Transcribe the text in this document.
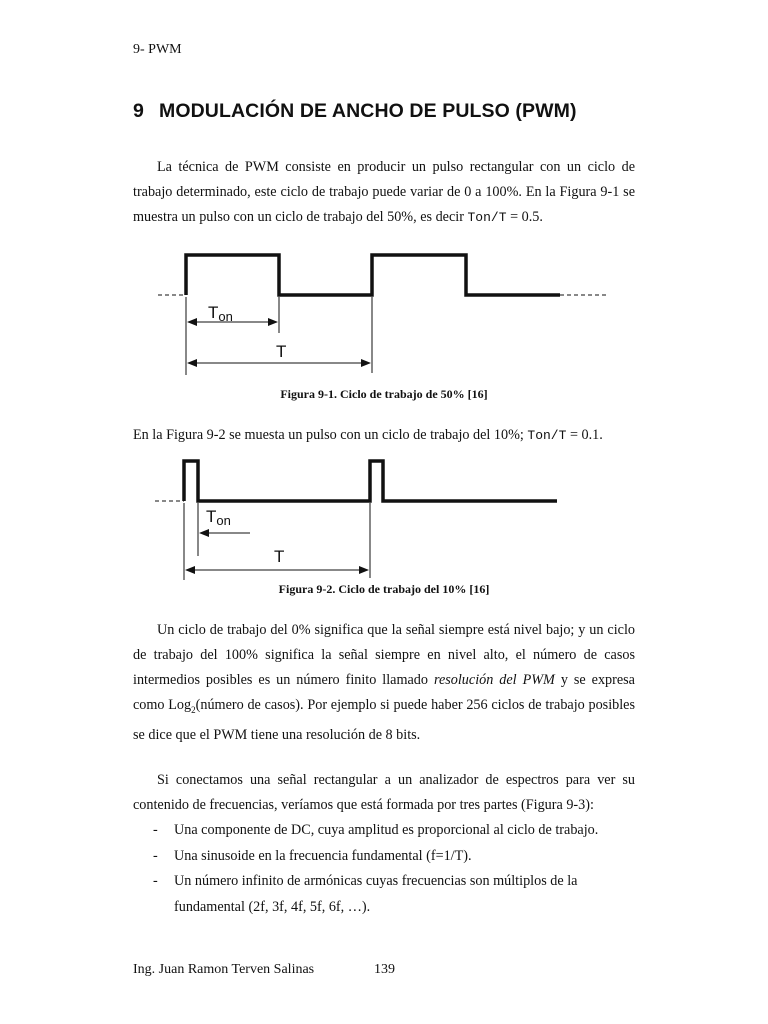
9- PWM
9 MODULACIÓN DE ANCHO DE PULSO (PWM)
La técnica de PWM consiste en producir un pulso rectangular con un ciclo de trabajo determinado, este ciclo de trabajo puede variar de 0 a 100%. En la Figura 9-1 se muestra un pulso con un ciclo de trabajo del 50%, es decir Ton/T = 0.5.
Ton
T
Figura 9-1. Ciclo de trabajo de 50% [16]
En la Figura 9-2 se muesta un pulso con un ciclo de trabajo del 10%; Ton/T = 0.1.
Ton
T
Figura 9-2. Ciclo de trabajo del 10% [16]
Un ciclo de trabajo del 0% significa que la señal siempre está nivel bajo; y un ciclo de trabajo del 100% significa la señal siempre en nivel alto, el número de casos intermedios posibles es un número finito llamado resolución del PWM y se expresa como Log$_2$(número de casos). Por ejemplo si puede haber 256 ciclos de trabajo posibles se dice que el PWM tiene una resolución de 8 bits.
Si conectamos una señal rectangular a un analizador de espectros para ver su contenido de frecuencias, veríamos que está formada por tres partes (Figura 9-3):
- Una componente de DC, cuya amplitud es proporcional al ciclo de trabajo.
- Una sinusoide en la frecuencia fundamental (f=1/T).
- Un número infinito de armónicas cuyas frecuencias son múltiplos de la fundamental (2f, 3f, 4f, 5f, 6f, …).
Ing. Juan Ramon Terven Salinas	139
